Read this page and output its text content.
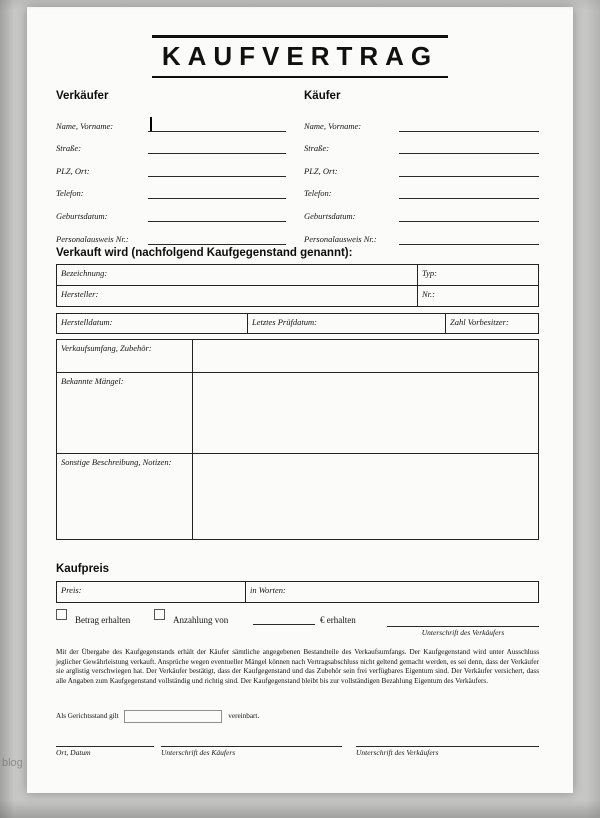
KAUFVERTRAG
Verkäufer
Name, Vorname:
Straße:
PLZ, Ort:
Telefon:
Geburtsdatum:
Personalausweis Nr.:
Käufer
Name, Vorname:
Straße:
PLZ, Ort:
Telefon:
Geburtsdatum:
Personalausweis Nr.:
Verkauft wird (nachfolgend Kaufgegenstand genannt):
Bezeichnung:	Typ:
Hersteller:	Nr.:
Herstelldatum:	Letztes Prüfdatum:	Zahl Vorbesitzer:
Verkaufsumfang, Zubehör:	
Bekannte Mängel:	
Sonstige Beschreibung, Notizen:	
Kaufpreis
Preis:	in Worten:
Betrag erhalten	Anzahlung von	€ erhalten
Unterschrift des Verkäufers
Mit der Übergabe des Kaufgegenstands erhält der Käufer sämtliche angegebenen Bestandteile des Verkaufsumfangs. Der Kaufgegenstand wird unter Ausschluss jeglicher Gewährleistung verkauft. Ansprüche wegen eventueller Mängel können nach Vertragsabschluss nicht geltend gemacht werden, es sei denn, dass der Verkäufer sie arglistig verschwiegen hat. Der Verkäufer bestätigt, dass der Kaufgegenstand und das Zubehör sein frei verfügbares Eigentum sind. Der Verkäufer versichert, dass alle Angaben zum Kaufgegenstand vollständig und richtig sind. Der Kaufgegenstand bleibt bis zur vollständigen Bezahlung Eigentum des Verkäufers.
Als Gerichtsstand gilt	vereinbart.
Ort, Datum	Unterschrift des Käufers	Unterschrift des Verkäufers
blog
